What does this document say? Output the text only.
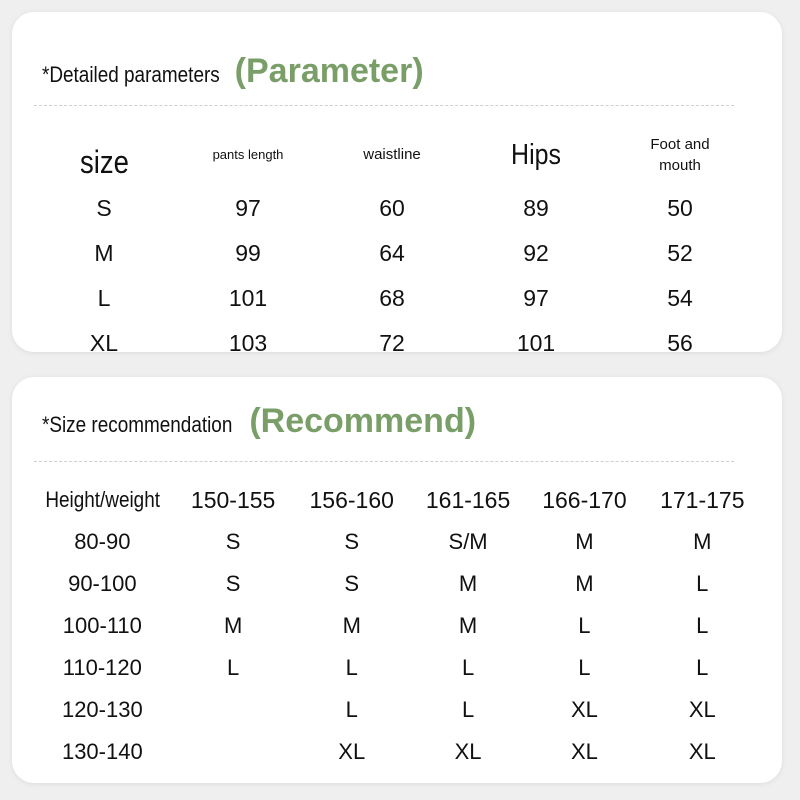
*Detailed parameters (Parameter)
size	pants length	waistline	Hips	Foot and
mouth
S	97	60	89	50
M	99	64	92	52
L	101	68	97	54
XL	103	72	101	56
*Size recommendation (Recommend)
Height/weight	150-155	156-160	161-165	166-170	171-175
80-90	S	S	S/M	M	M
90-100	S	S	M	M	L
100-110	M	M	M	L	L
110-120	L	L	L	L	L
120-130		L	L	XL	XL
130-140		XL	XL	XL	XL
